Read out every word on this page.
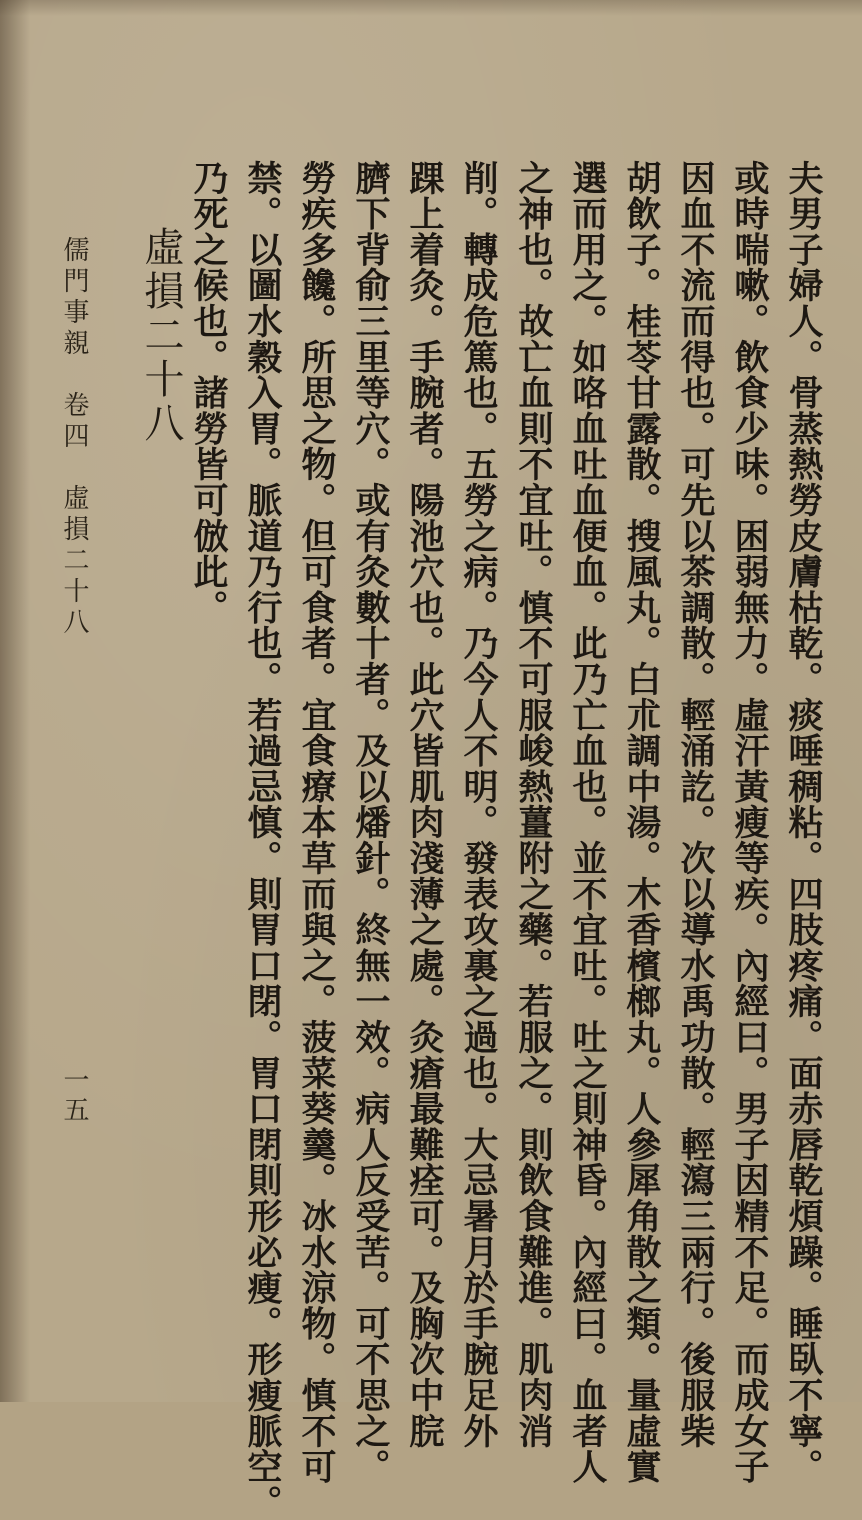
夫男子婦人。骨蒸熱勞皮膚枯乾。痰唾稠粘。四肢疼痛。面赤唇乾煩躁。睡臥不寧。
或時喘嗽。飲食少味。困弱無力。虛汗黃瘦等疾。內經曰。男子因精不足。而成女子
因血不流而得也。可先以茶調散。輕涌訖。次以導水禹功散。輕瀉三兩行。後服柴
胡飲子。桂苓甘露散。搜風丸。白朮調中湯。木香檳榔丸。人參犀角散之類。量虛實
選而用之。如咯血吐血便血。此乃亡血也。並不宜吐。吐之則神昏。內經曰。血者人
之神也。故亡血則不宜吐。慎不可服峻熱薑附之藥。若服之。則飲食難進。肌肉消
削。轉成危篤也。五勞之病。乃今人不明。發表攻裏之過也。大忌暑月於手腕足外
踝上着灸。手腕者。陽池穴也。此穴皆肌肉淺薄之處。灸瘡最難痊可。及胸次中脘
臍下背俞三里等穴。或有灸數十者。及以燔針。終無一效。病人反受苦。可不思之。
勞疾多饞。所思之物。但可食者。宜食療本草而與之。菠菜葵羹。冰水涼物。慎不可
禁。以圖水穀入胃。脈道乃行也。若過忌慎。則胃口閉。胃口閉則形必瘦。形瘦脈空。
乃死之候也。諸勞皆可倣此。
虛損二十八
儒門事親　卷四　虛損二十八
一五
